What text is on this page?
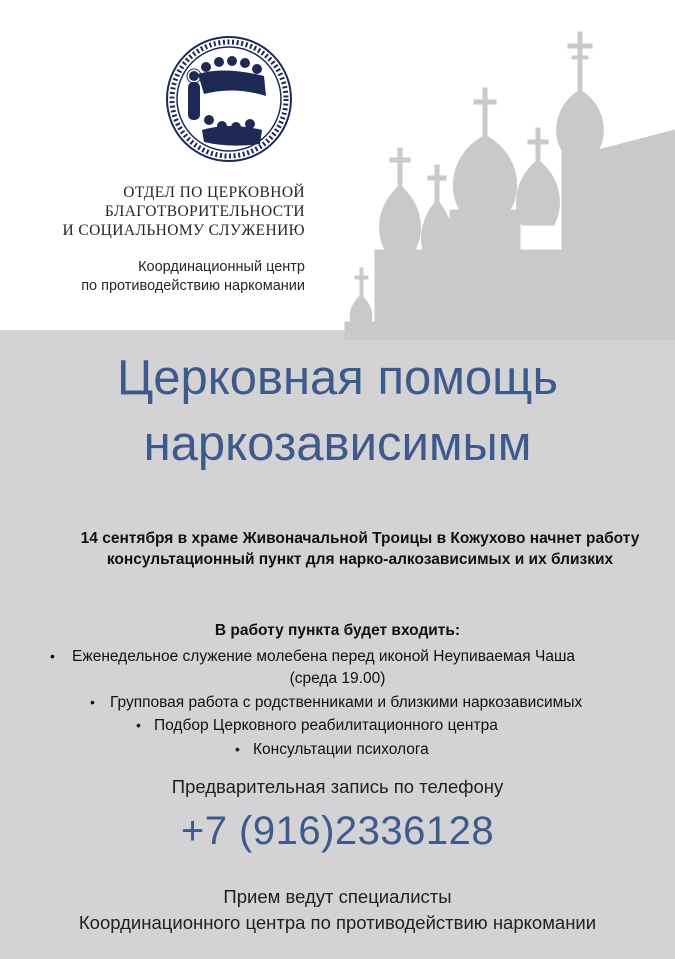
ОТДЕЛ ПО ЦЕРКОВНОЙ
БЛАГОТВОРИТЕЛЬНОСТИ
И СОЦИАЛЬНОМУ СЛУЖЕНИЮ
Координационный центр
по противодействию наркомании
Церковная помощь
наркозависимым
14 сентября в храме Живоначальной Троицы в Кожухово начнет работу консультационный пункт для нарко-алкозависимых и их близких
В работу пункта будет входить:
• Еженедельное служение молебена перед иконой Неупиваемая Чаша
(среда 19.00)
• Групповая работа с родственниками и близкими наркозависимых
• Подбор Церковного реабилитационного центра
• Консультации психолога
Предварительная запись по телефону
+7 (916)2336128
Прием ведут специалисты
Координационного центра по противодействию наркомании
